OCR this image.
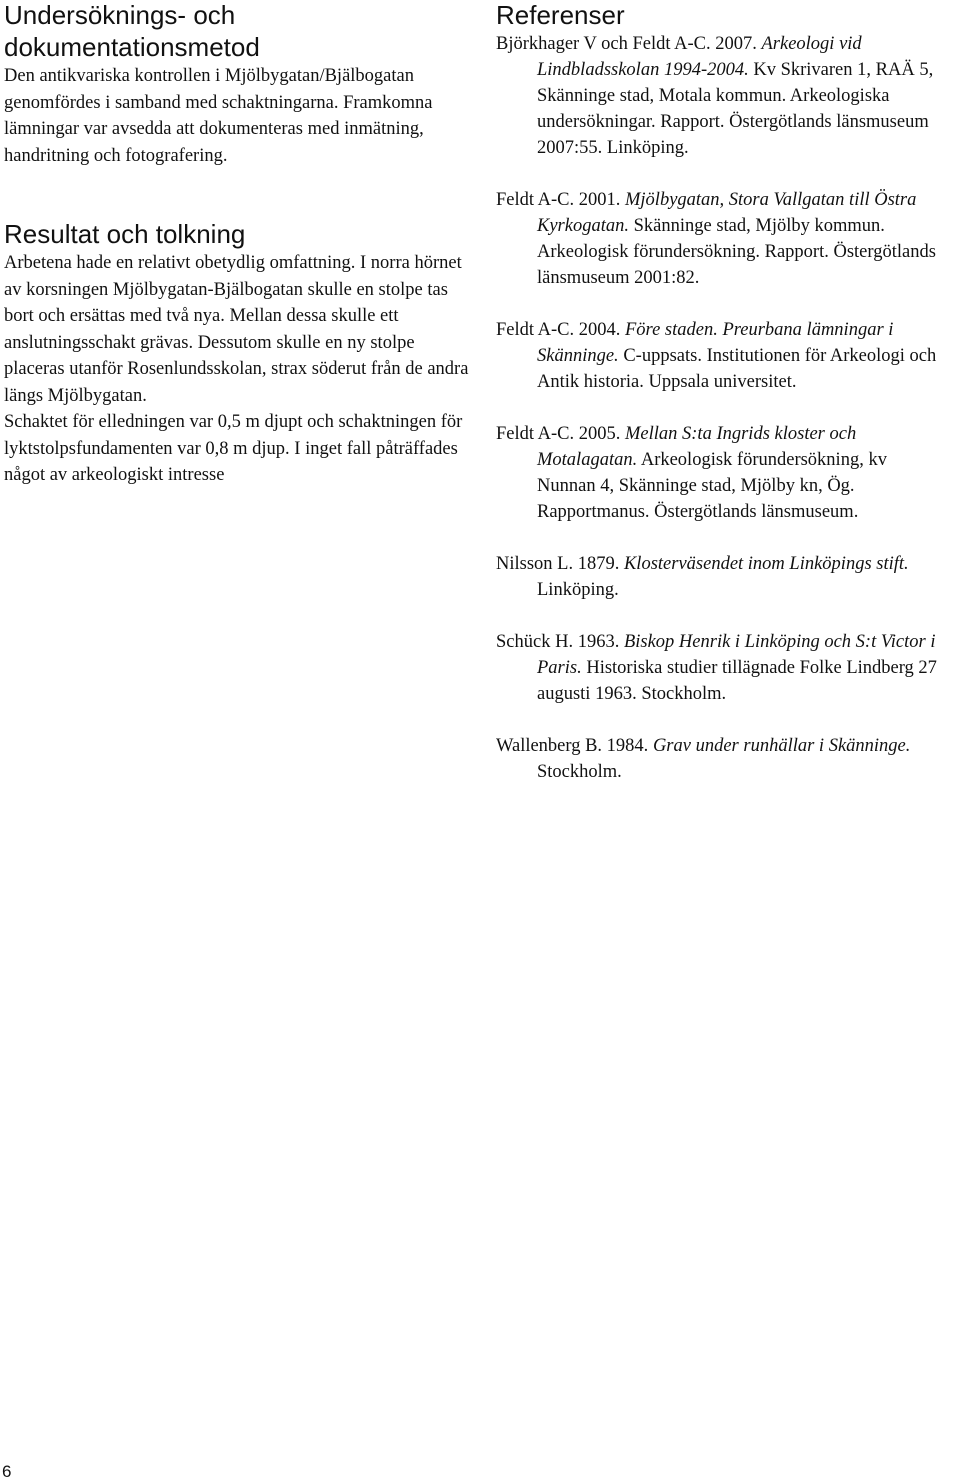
Undersöknings- och dokumentationsmetod

Den antikvariska kontrollen i Mjölbygatan/Bjälbogatan genomfördes i samband med schaktningarna. Framkomna lämningar var avsedda att dokumenteras med inmätning, handritning och fotografering.

Resultat och tolkning

Arbetena hade en relativt obetydlig omfattning. I norra hörnet av korsningen Mjölbygatan-Bjälbogatan skulle en stolpe tas bort och ersättas med två nya. Mellan dessa skulle ett anslutningsschakt grävas. Dessutom skulle en ny stolpe placeras utanför Rosenlundsskolan, strax söderut från de andra längs Mjölbygatan.

Schaktet för elledningen var 0,5 m djupt och schaktningen för lyktstolpsfundamenten var 0,8 m djup. I inget fall påträffades något av arkeologiskt intresse

Referenser
Björkhager V och Feldt A-C. 2007. Arkeologi vid Lindbladsskolan 1994-2004. Kv Skrivaren 1, RAÄ 5, Skänninge stad, Motala kommun. Arkeologiska undersökningar. Rapport. Östergötlands länsmuseum 2007:55. Linköping.
Feldt A-C. 2001. Mjölbygatan, Stora Vallgatan till Östra Kyrkogatan. Skänninge stad, Mjölby kommun. Arkeologisk förundersökning. Rapport. Östergötlands länsmuseum 2001:82.
Feldt A-C. 2004. Före staden. Preurbana lämningar i Skänninge. C-uppsats. Institutionen för Arkeologi och Antik historia. Uppsala universitet.
Feldt A-C. 2005. Mellan S:ta Ingrids kloster och Motalagatan. Arkeologisk förundersökning, kv Nunnan 4, Skänninge stad, Mjölby kn, Ög. Rapportmanus. Östergötlands länsmuseum.
Nilsson L. 1879. Klosterväsendet inom Linköpings stift. Linköping.
Schück H. 1963. Biskop Henrik i Linköping och S:t Victor i Paris. Historiska studier tillägnade Folke Lindberg 27 augusti 1963. Stockholm.
Wallenberg B. 1984. Grav under runhällar i Skänninge. Stockholm.
6
